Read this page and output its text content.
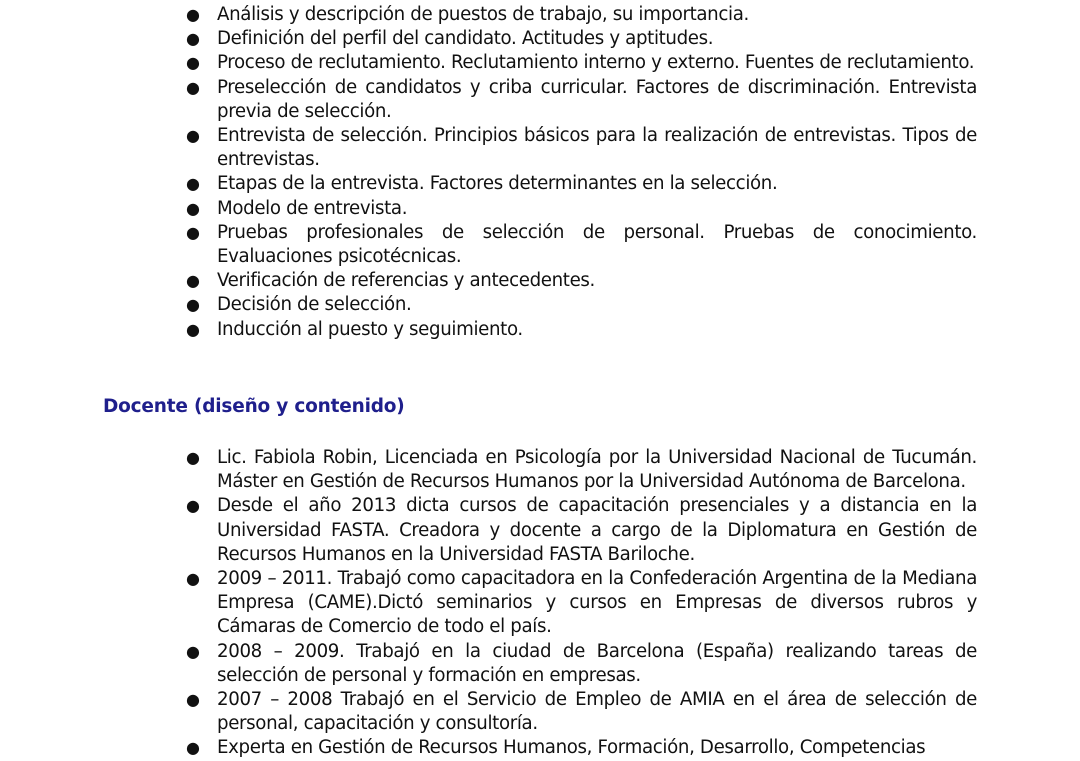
● Análisis y descripción de puestos de trabajo, su importancia.
● Definición del perfil del candidato. Actitudes y aptitudes.
● Proceso de reclutamiento. Reclutamiento interno y externo. Fuentes de reclutamiento.
● Preselección de candidatos y criba curricular. Factores de discriminación. Entrevista previa de selección.
● Entrevista de selección. Principios básicos para la realización de entrevistas. Tipos de entrevistas.
● Etapas de la entrevista. Factores determinantes en la selección.
● Modelo de entrevista.
● Pruebas profesionales de selección de personal. Pruebas de conocimiento. Evaluaciones psicotécnicas.
● Verificación de referencias y antecedentes.
● Decisión de selección.
● Inducción al puesto y seguimiento.
Docente (diseño y contenido)
● Lic. Fabiola Robin, Licenciada en Psicología por la Universidad Nacional de Tucumán. Máster en Gestión de Recursos Humanos por la Universidad Autónoma de Barcelona.
● Desde el año 2013 dicta cursos de capacitación presenciales y a distancia en la Universidad FASTA. Creadora y docente a cargo de la Diplomatura en Gestión de Recursos Humanos en la Universidad FASTA Bariloche.
● 2009 – 2011. Trabajó como capacitadora en la Confederación Argentina de la Mediana Empresa (CAME).Dictó seminarios y cursos en Empresas de diversos rubros y Cámaras de Comercio de todo el país.
● 2008 – 2009. Trabajó en la ciudad de Barcelona (España) realizando tareas de selección de personal y formación en empresas.
● 2007 – 2008 Trabajó en el Servicio de Empleo de AMIA en el área de selección de personal, capacitación y consultoría.
● Experta en Gestión de Recursos Humanos, Formación, Desarrollo, Competencias
